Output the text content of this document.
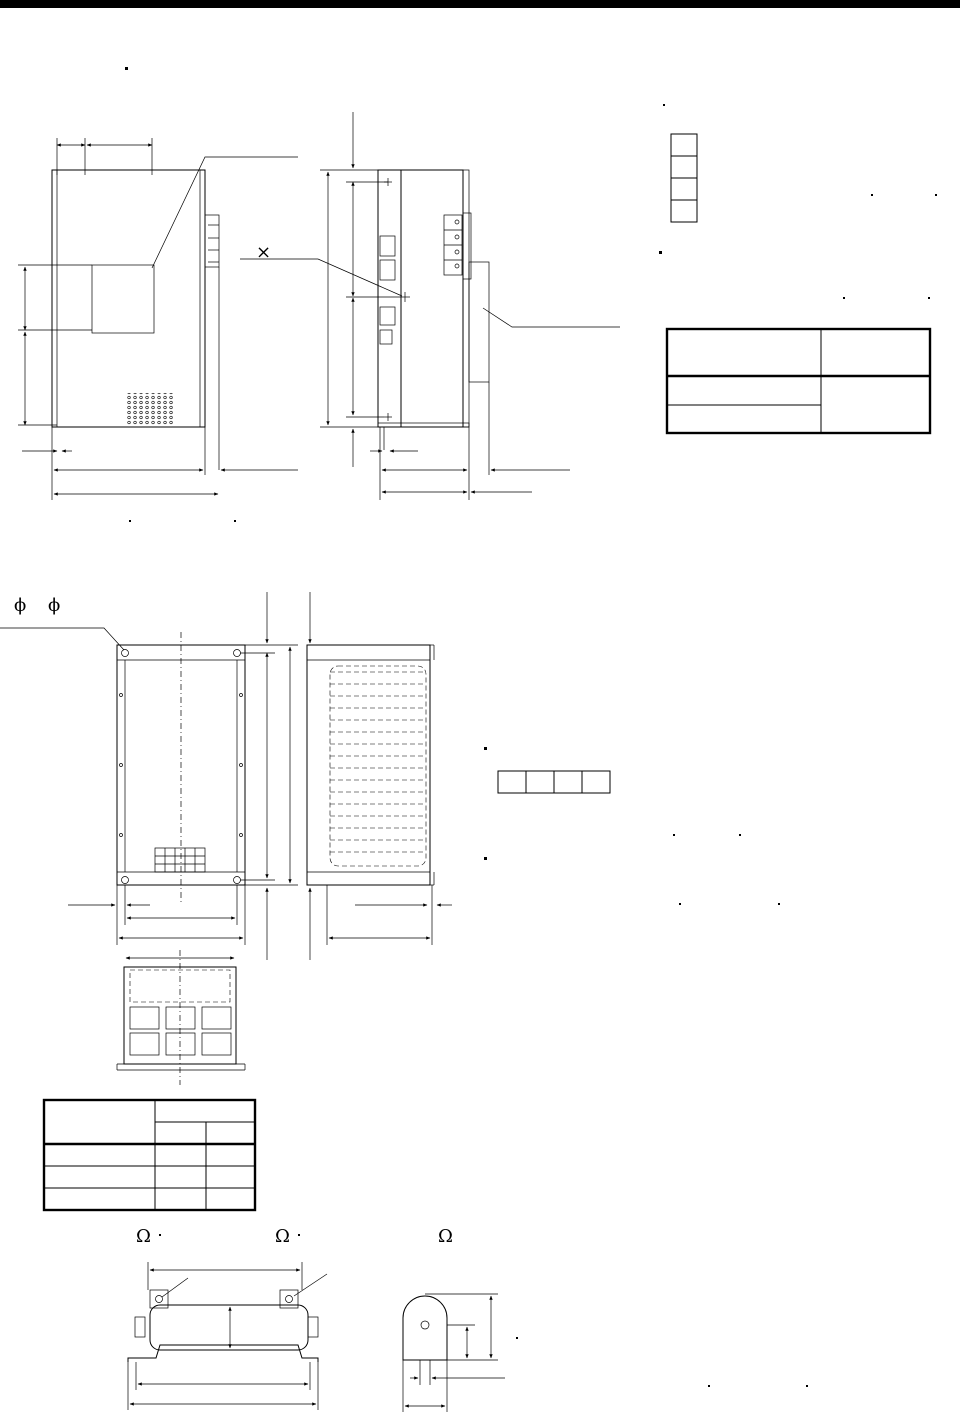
×
ϕ ϕ
Ω	Ω	Ω
